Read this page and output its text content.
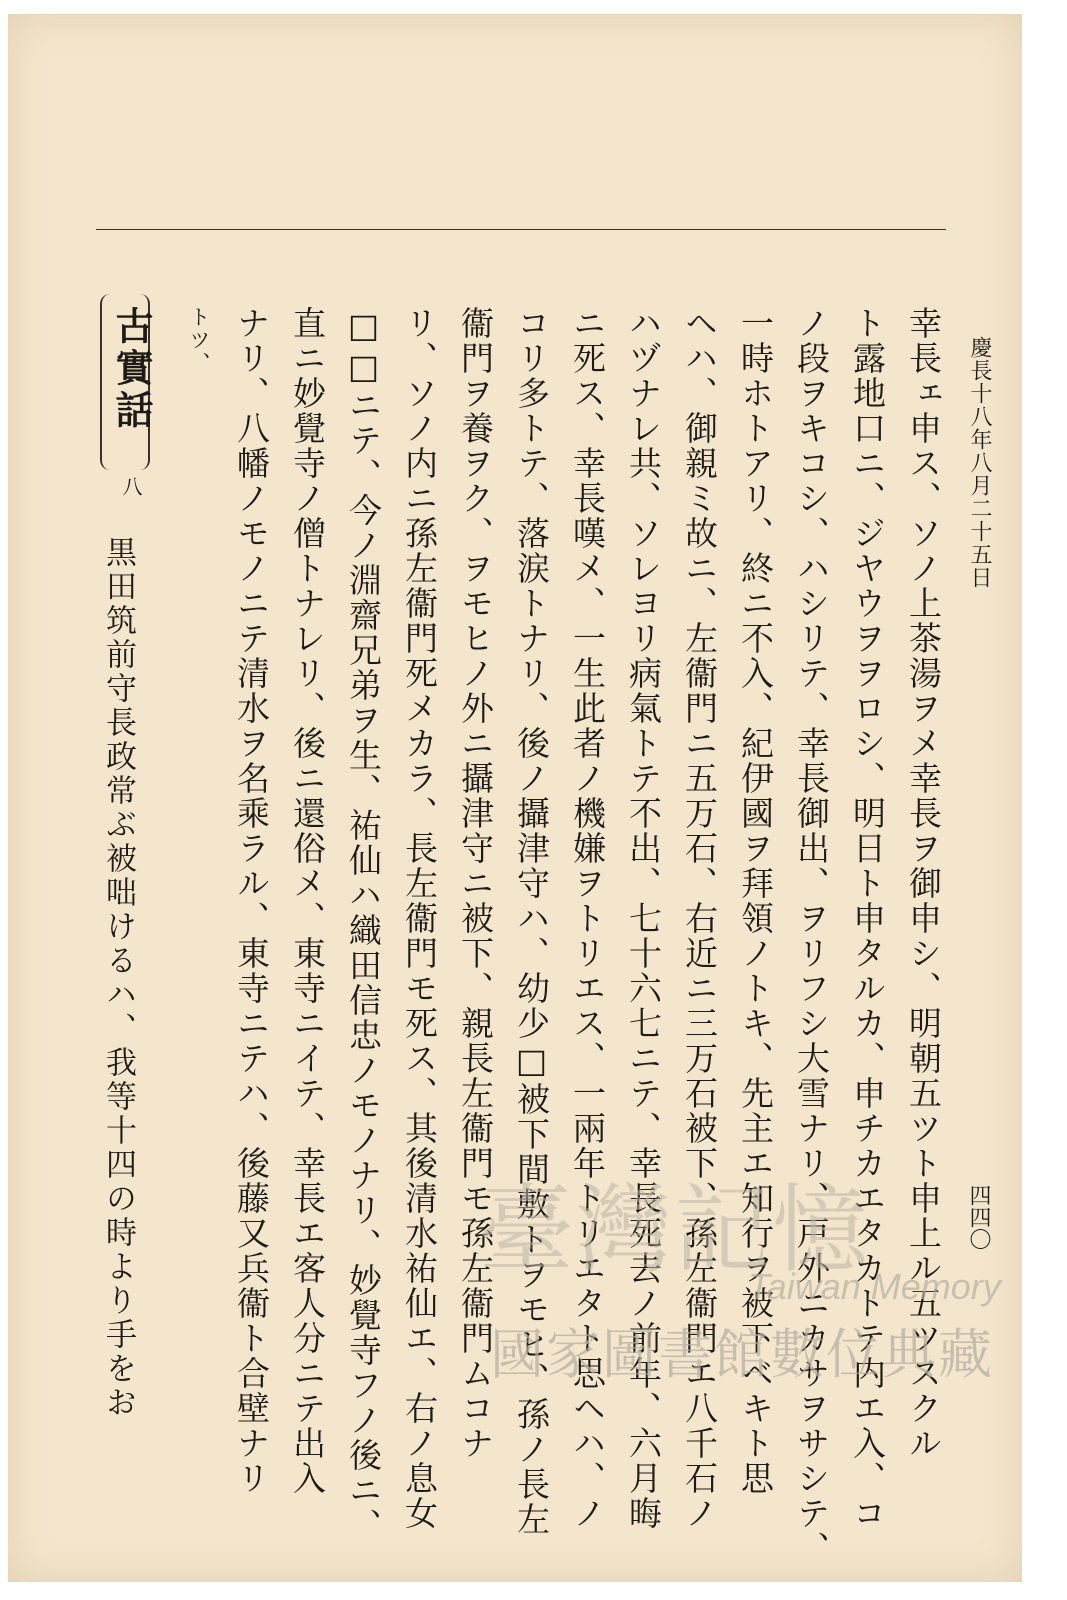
慶長十八年八月二十五日
四四〇
幸長ェ申ス、ソノ上茶湯ヲメ幸長ヲ御申シ、明朝五ツト申上ル五ツスクル
ト露地口ニ、ジヤウヲヲロシ、明日ト申タルカ、申チカエタカトテ内エ入、コ
ノ段ヲキコシ、ハシリテ、幸長御出、ヲリフシ大雪ナリ、戸外ニカサヲサシテ、
一時ホトアリ、終ニ不入、紀伊國ヲ拜領ノトキ、先主エ知行ヲ被下ベキト思
ヘハ、御親ミ故ニ、左衞門ニ五万石、右近ニ三万石被下、孫左衞門エ八千石ノ
ハヅナレ共、ソレヨリ病氣トテ不出、七十六七ニテ、幸長死去ノ前年、六月晦
ニ死ス、幸長嘆メ、一生此者ノ機嫌ヲトリエス、一兩年トリエタト思ヘハ、ノ
コリ多トテ、落涙トナリ、後ノ攝津守ハ、幼少□被下間敷トヲモヒ、孫ノ長左
衞門ヲ養ヲク、ヲモヒノ外ニ攝津守ニ被下、親長左衞門モ孫左衞門ムコナ
リ、ソノ内ニ孫左衞門死メカラ、長左衞門モ死ス、其後清水祐仙エ、右ノ息女
□□ニテ、今ノ淵齋兄弟ヲ生、祐仙ハ織田信忠ノモノナリ、妙覺寺フノ後ニ、
直ニ妙覺寺ノ僧トナレリ、後ニ還俗メ、東寺ニイテ、幸長エ客人分ニテ出入
ナリ、八幡ノモノニテ清水ヲ名乘ラル、東寺ニテハ、後藤又兵衞ト合壁ナリ
トツ、
古實話
八
黒田筑前守長政常ぶ被咄けるハ、我等十四の時より手をお	臺灣記憶
Taiwan Memory
國家圖書館數位典藏
